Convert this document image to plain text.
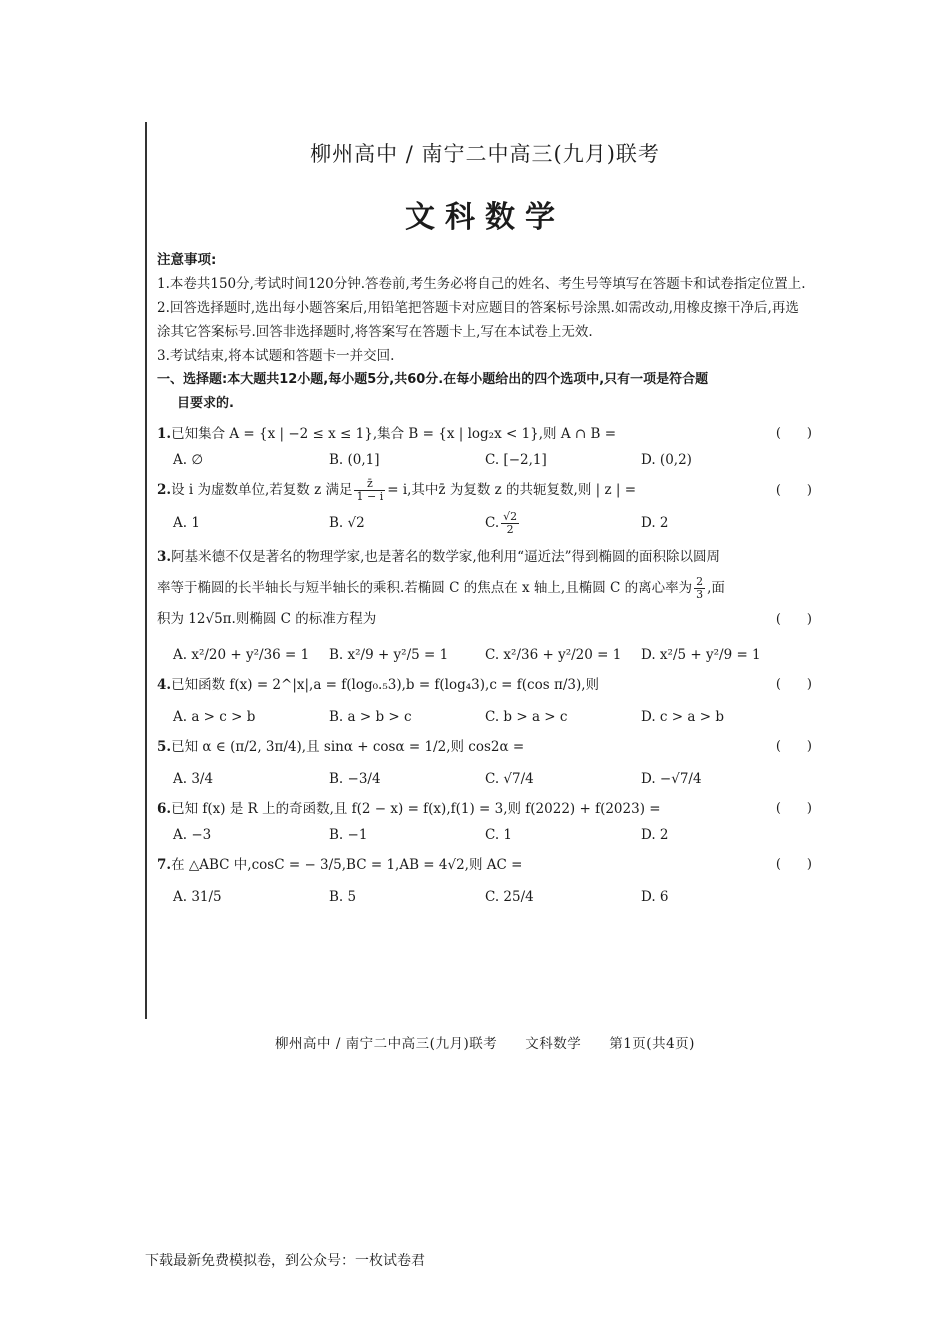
柳州高中 / 南宁二中高三(九月)联考
文科数学
注意事项:
1.本卷共150分,考试时间120分钟.答卷前,考生务必将自己的姓名、考生号等填写在答题卡和试卷指定位置上.
2.回答选择题时,选出每小题答案后,用铅笔把答题卡对应题目的答案标号涂黑.如需改动,用橡皮擦干净后,再选涂其它答案标号.回答非选择题时,将答案写在答题卡上,写在本试卷上无效.
3.考试结束,将本试题和答题卡一并交回.
一、选择题:本大题共12小题,每小题5分,共60分.在每小题给出的四个选项中,只有一项是符合题
目要求的.
1.已知集合 A = {x | −2 ≤ x ≤ 1},集合 B = {x | log₂x < 1},则 A ∩ B =	(　　)
A. ∅	B. (0,1]	C. [−2,1]	D. (0,2)
2.设 i 为虚数单位,若复数 z 满足 $\frac{z̄}{1 - i} = i$,其中z̄ 为复数 z 的共轭复数,则 | z | =	(　　)
A. 1	B. √2	C. $\frac{√2}{2}$	D. 2
3.阿基米德不仅是著名的物理学家,也是著名的数学家,他利用“逼近法”得到椭圆的面积除以圆周
率等于椭圆的长半轴长与短半轴长的乘积.若椭圆 C 的焦点在 x 轴上,且椭圆 C 的离心率为 $\frac{2}{3}$ ,面
积为 12√5π.则椭圆 C 的标准方程为	(　　)
A. x²/20 + y²/36 = 1	B. x²/9 + y²/5 = 1	C. x²/36 + y²/20 = 1	D. x²/5 + y²/9 = 1
4.已知函数 f(x) = 2^|x|,a = f(log₀.₅3),b = f(log₄3),c = f(cos π/3),则	(　　)
A. a > c > b	B. a > b > c	C. b > a > c	D. c > a > b
5.已知 α ∈ (π/2, 3π/4),且 sinα + cosα = 1/2,则 cos2α =	(　　)
A. 3/4	B. −3/4	C. √7/4	D. −√7/4
6.已知 f(x) 是 R 上的奇函数,且 f(2 − x) = f(x),f(1) = 3,则 f(2022) + f(2023) =	(　　)
A. −3	B. −1	C. 1	D. 2
7.在 △ABC 中,cosC = − 3/5,BC = 1,AB = 4√2,则 AC =	(　　)
A. 31/5	B. 5	C. 25/4	D. 6
柳州高中 / 南宁二中高三(九月)联考　　文科数学　　第1页(共4页)
下载最新免费模拟卷，到公众号：一枚试卷君
